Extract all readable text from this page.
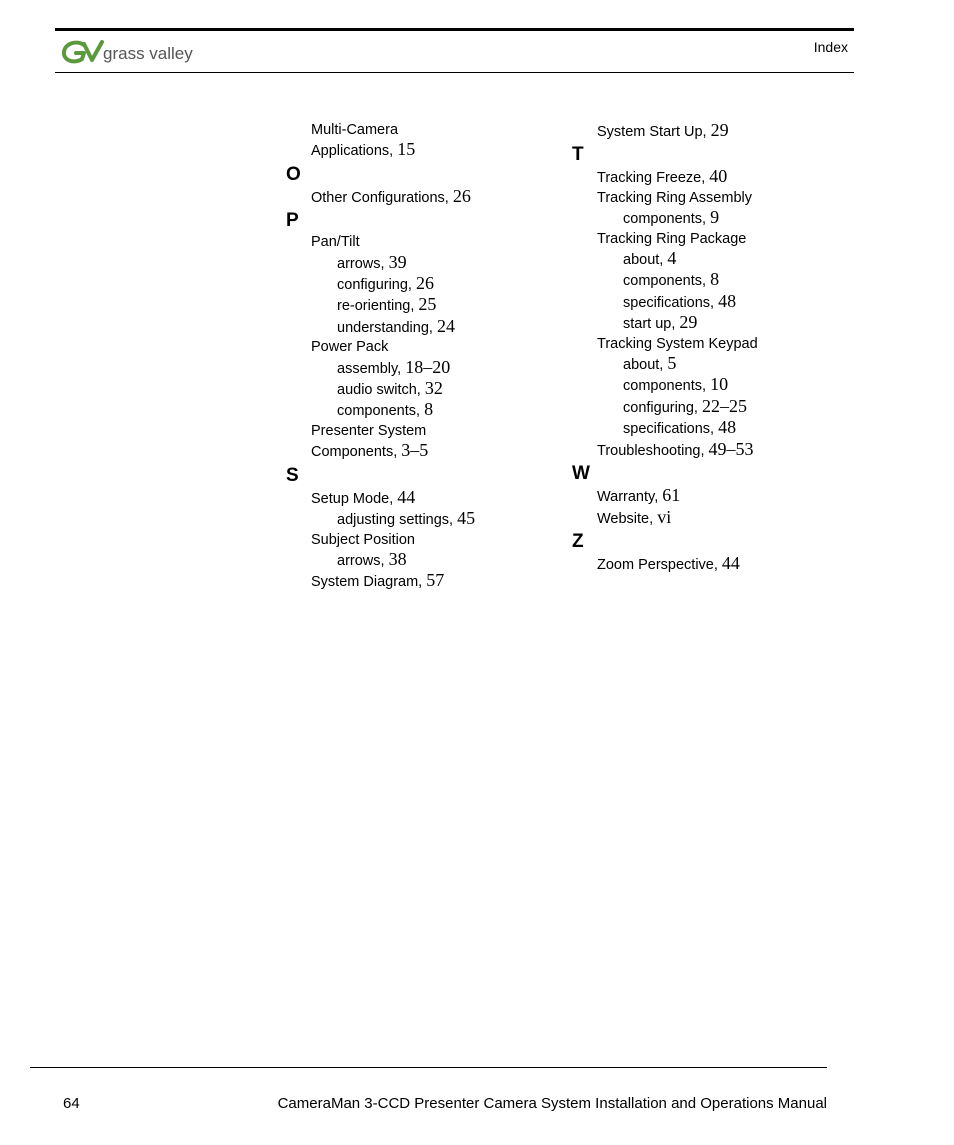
grass valley	Index
Multi-Camera
Applications, 15
O
Other Configurations, 26
P
Pan/Tilt
arrows, 39
configuring, 26
re-orienting, 25
understanding, 24
Power Pack
assembly, 18–20
audio switch, 32
components, 8
Presenter System
Components, 3–5
S
Setup Mode, 44
adjusting settings, 45
Subject Position
arrows, 38
System Diagram, 57
System Start Up, 29
T
Tracking Freeze, 40
Tracking Ring Assembly
components, 9
Tracking Ring Package
about, 4
components, 8
specifications, 48
start up, 29
Tracking System Keypad
about, 5
components, 10
configuring, 22–25
specifications, 48
Troubleshooting, 49–53
W
Warranty, 61
Website, vi
Z
Zoom Perspective, 44
64	CameraMan 3-CCD Presenter Camera System Installation and Operations Manual
